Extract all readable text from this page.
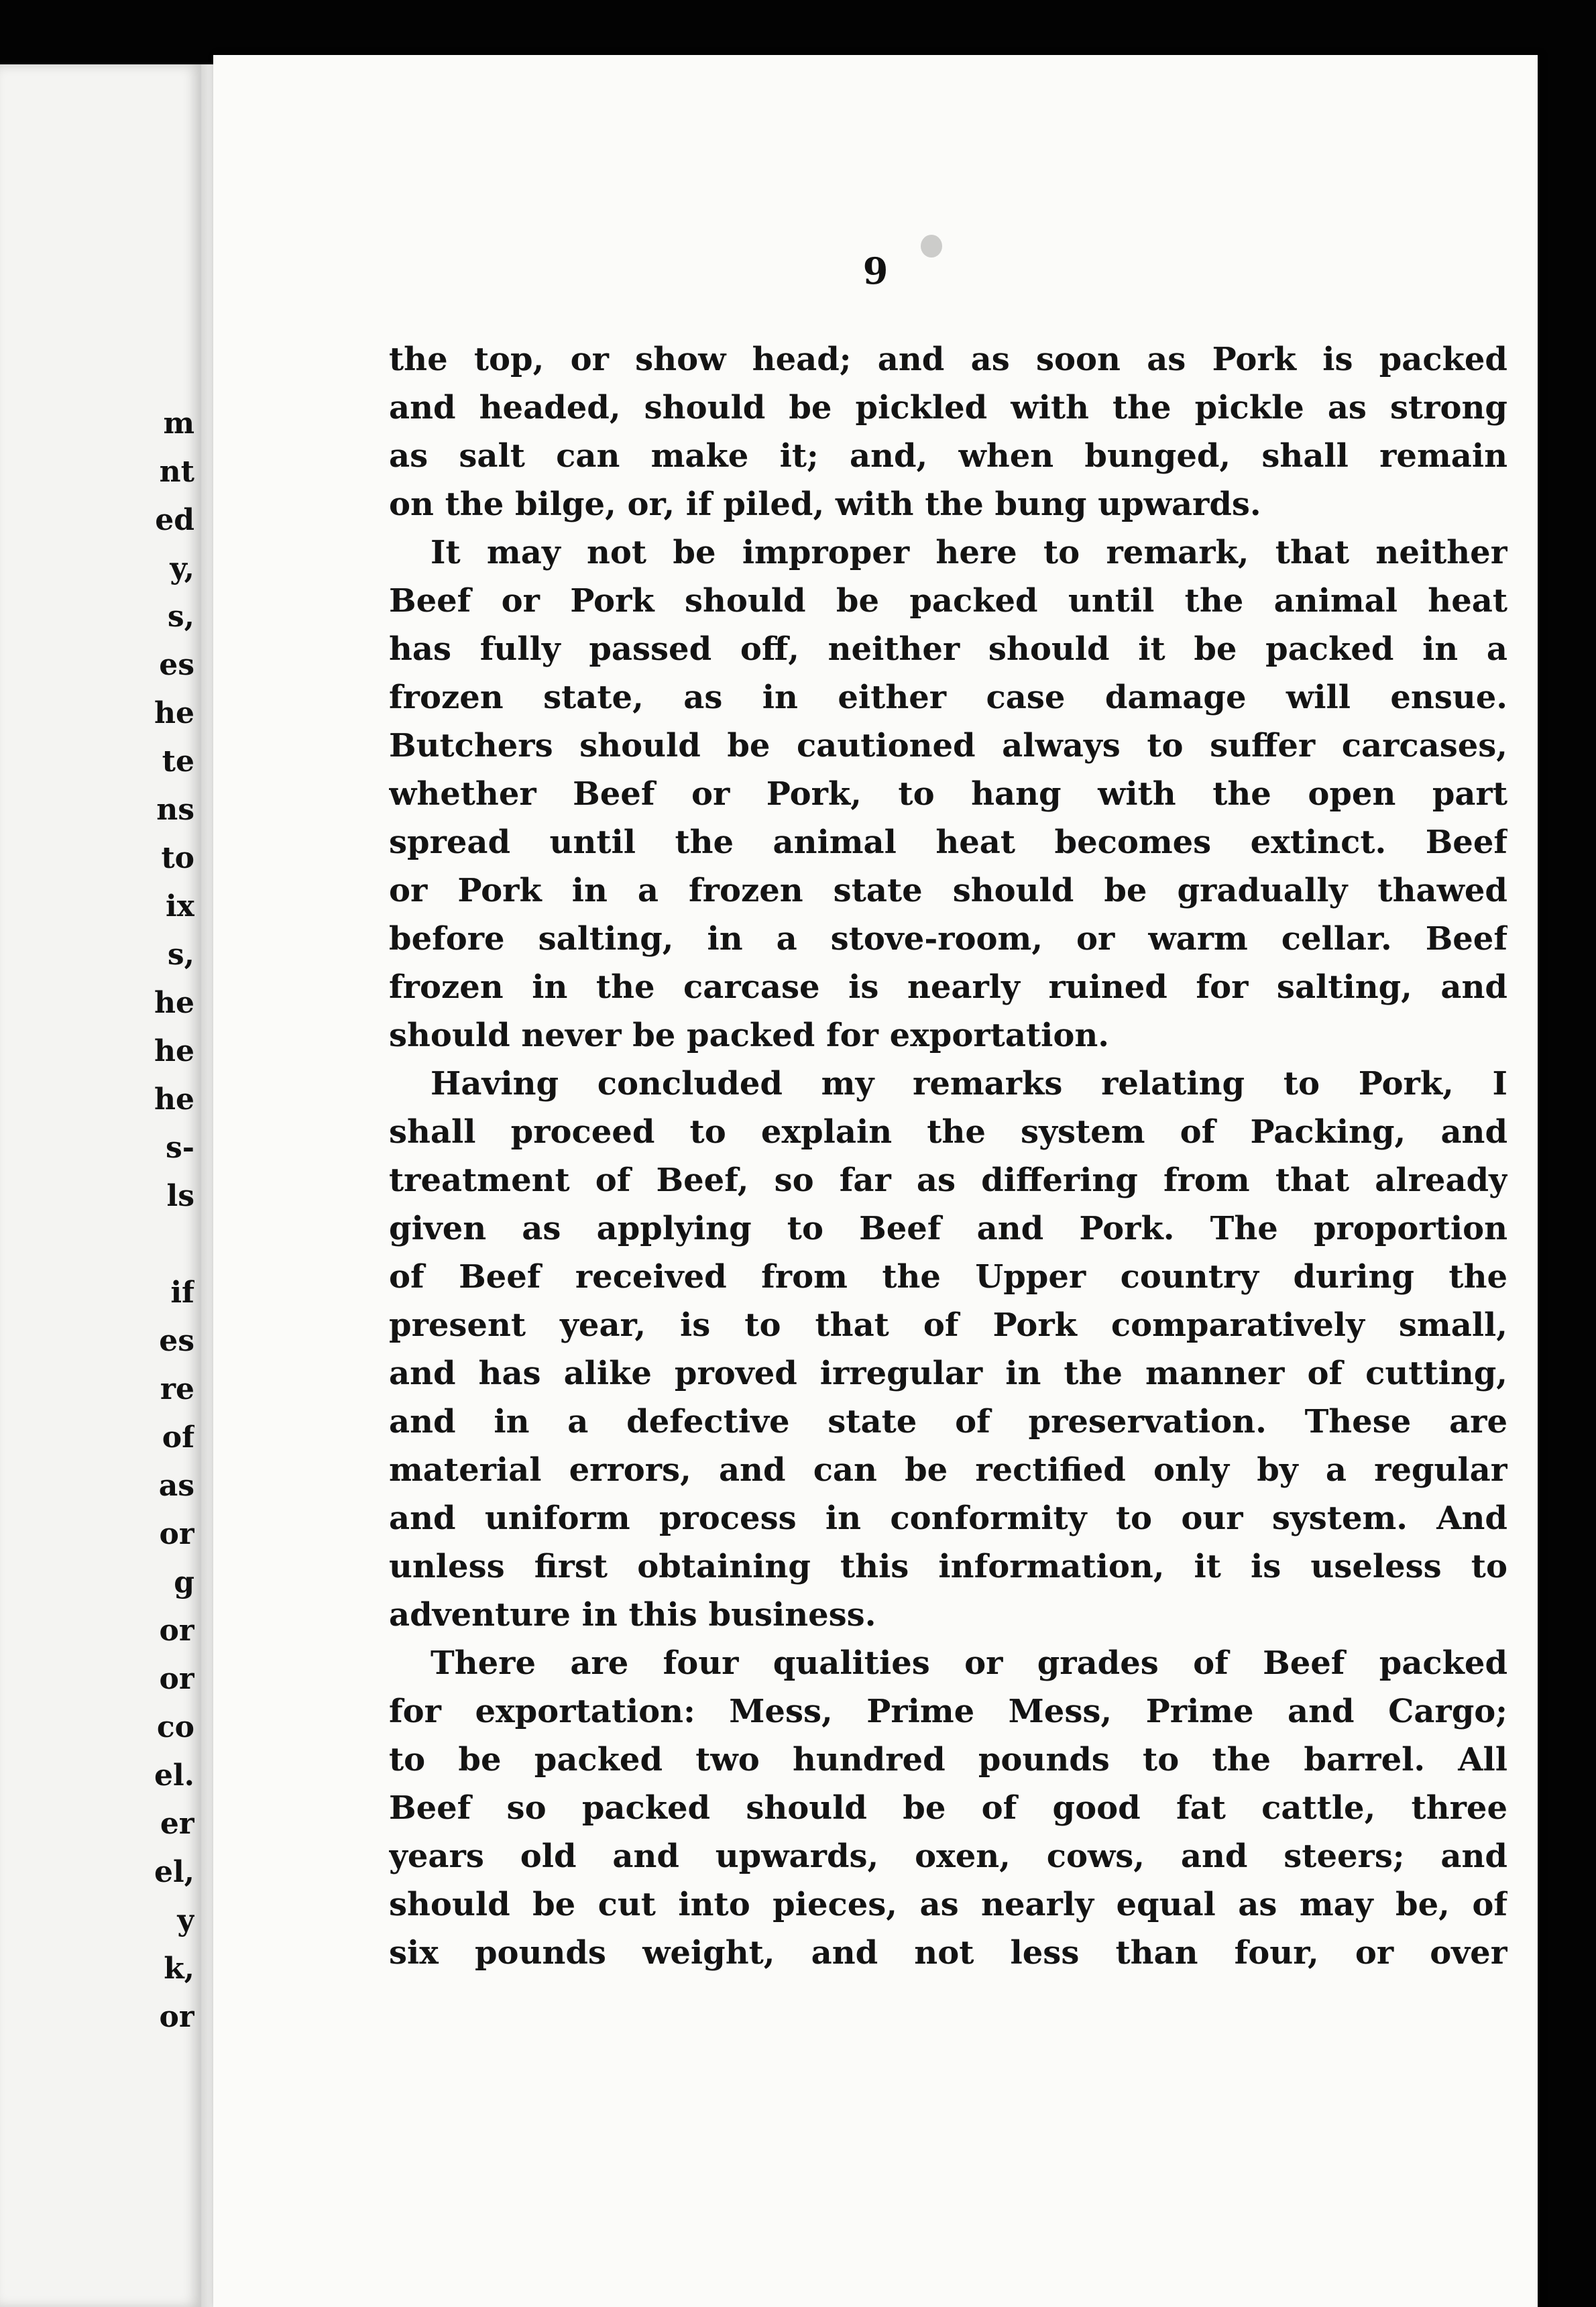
m
nt
ed
y,
s,
es
he
te
ns
to
ix
s,
he
he
he
s-
ls
if
es
re
of
as
or
g
or
or
co
el.
er
el,
y
k,
or
9
the top, or show head; and as soon as Pork is packed
and headed, should be pickled with the pickle as strong
as salt can make it; and, when bunged, shall remain
on the bilge, or, if piled, with the bung upwards.
It may not be improper here to remark, that neither
Beef or Pork should be packed until the animal heat
has fully passed off, neither should it be packed in a
frozen state, as in either case damage will ensue.
Butchers should be cautioned always to suffer carcases,
whether Beef or Pork, to hang with the open part
spread until the animal heat becomes extinct. Beef
or Pork in a frozen state should be gradually thawed
before salting, in a stove-room, or warm cellar. Beef
frozen in the carcase is nearly ruined for salting, and
should never be packed for exportation.
Having concluded my remarks relating to Pork, I
shall proceed to explain the system of Packing, and
treatment of Beef, so far as differing from that already
given as applying to Beef and Pork. The proportion
of Beef received from the Upper country during the
present year, is to that of Pork comparatively small,
and has alike proved irregular in the manner of cutting,
and in a defective state of preservation. These are
material errors, and can be rectified only by a regular
and uniform process in conformity to our system. And
unless first obtaining this information, it is useless to
adventure in this business.
There are four qualities or grades of Beef packed
for exportation: Mess, Prime Mess, Prime and Cargo;
to be packed two hundred pounds to the barrel. All
Beef so packed should be of good fat cattle, three
years old and upwards, oxen, cows, and steers; and
should be cut into pieces, as nearly equal as may be, of
six pounds weight, and not less than four, or over
